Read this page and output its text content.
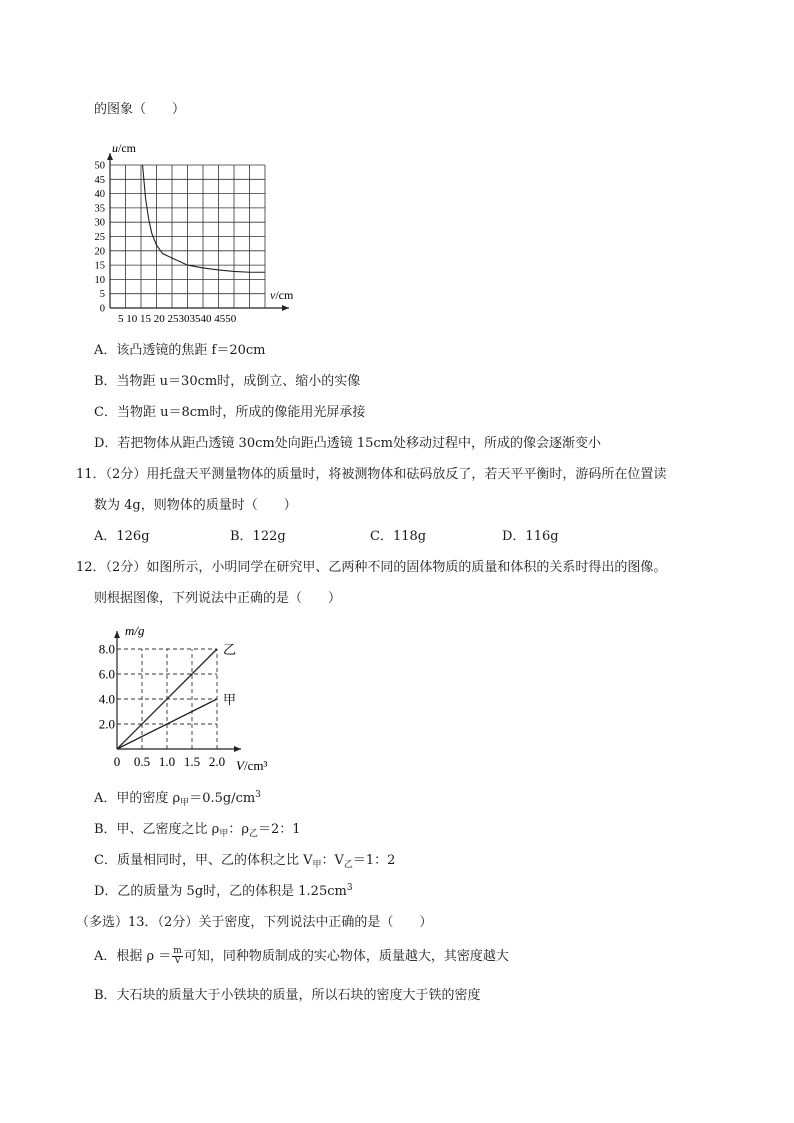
的图象（　　）
0
5
10
15
20
25
30
35
40
45
50
u/cm
v/cm
5 10 15 20 25303540 4550
A．该凸透镜的焦距 f＝20cm
B．当物距 u＝30cm时，成倒立、缩小的实像
C．当物距 u＝8cm时，所成的像能用光屏承接
D．若把物体从距凸透镜 30cm处向距凸透镜 15cm处移动过程中，所成的像会逐渐变小
11．（2分）用托盘天平测量物体的质量时，将被测物体和砝码放反了，若天平平衡时，游码所在位置读
数为 4g，则物体的质量时（　　）
A．126g	B．122g	C．118g	D．116g
12．（2分）如图所示，小明同学在研究甲、乙两种不同的固体物质的质量和体积的关系时得出的图像。
则根据图像，下列说法中正确的是（　　）
乙
甲
2.0
4.0
6.0
8.0
0 0.5 1.0 1.5 2.0
m/g
V/cm³
A．甲的密度 $\rho_甲=0.5g/cm^3$
B．甲、乙密度之比 $\rho_甲$：$\rho_乙=2$：1
C．质量相同时，甲、乙的体积之比 $V_甲$：$V_乙=1$：2
D．乙的质量为 5g时，乙的体积是 $1.25cm^3$
（多选）13．（2分）关于密度，下列说法中正确的是（　　）
A．根据 $\rho = \frac{m}{V}$ 可知，同种物质制成的实心物体，质量越大，其密度越大
B．大石块的质量大于小铁块的质量，所以石块的密度大于铁的密度
